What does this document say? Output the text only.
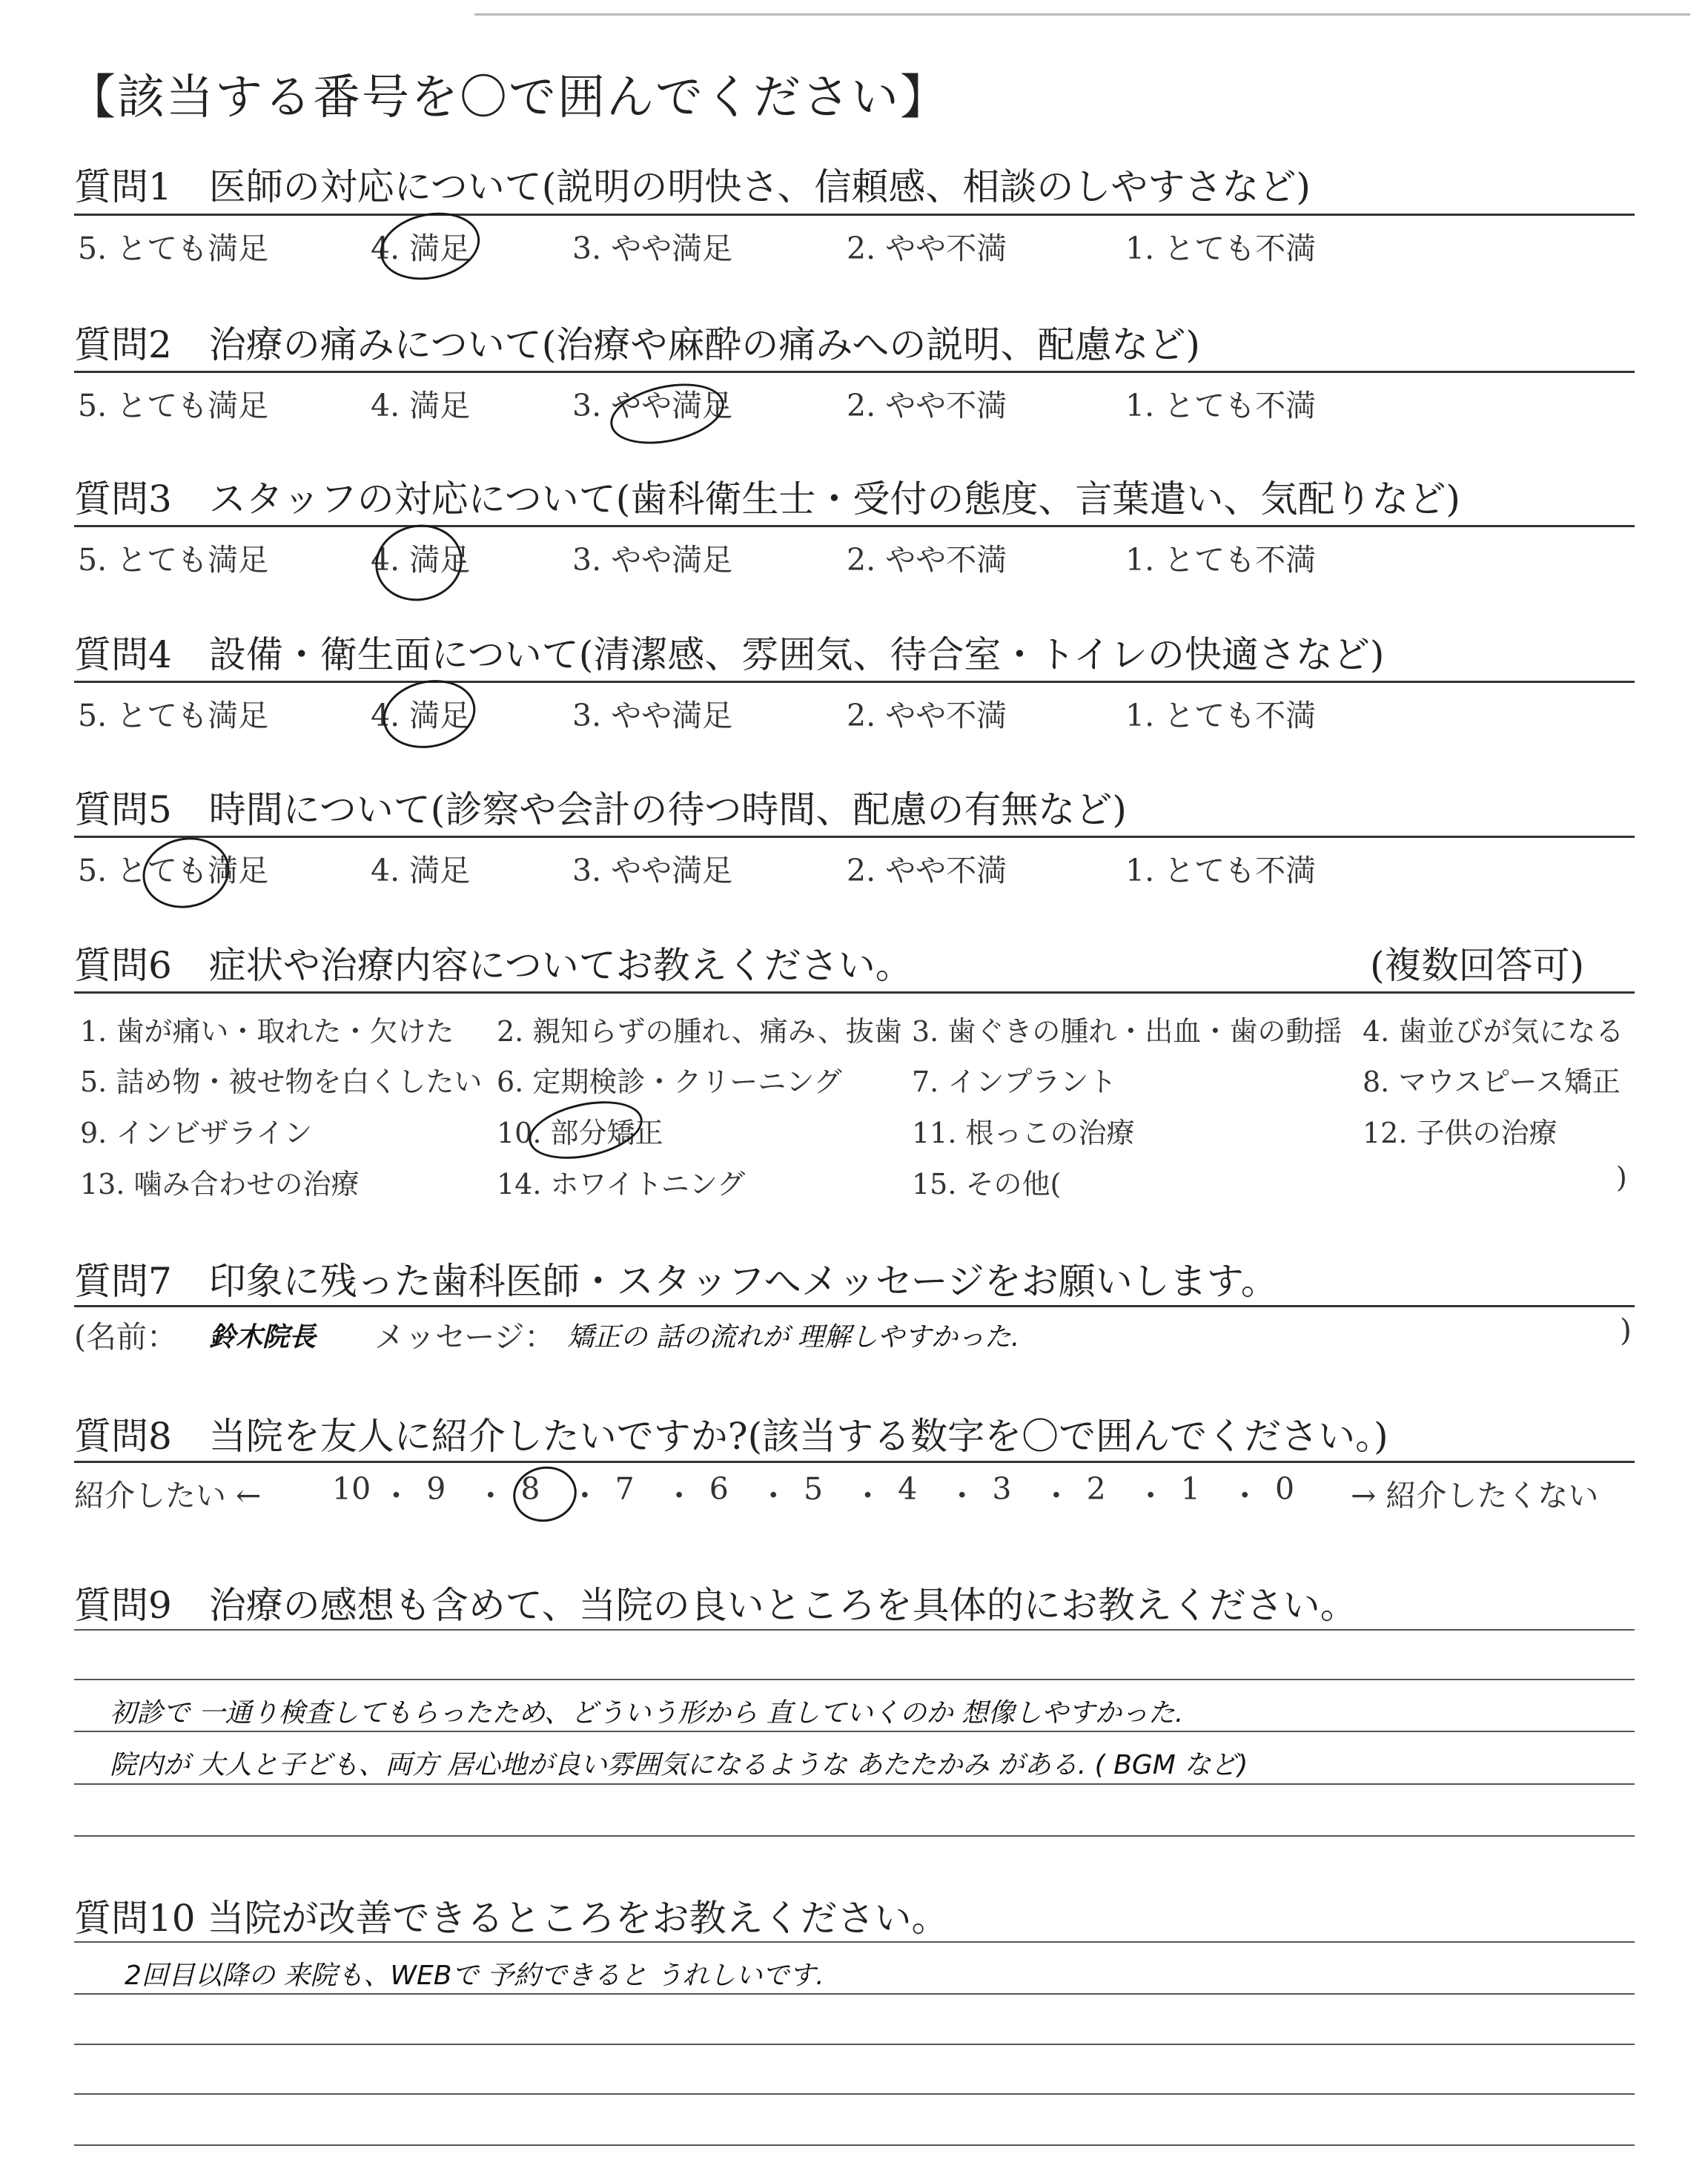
【該当する番号を〇で囲んでください】
質問1　医師の対応について(説明の明快さ、信頼感、相談のしやすさなど)
5. とても満足	4. 満足	3. やや満足	2. やや不満	1. とても不満
質問2　治療の痛みについて(治療や麻酔の痛みへの説明、配慮など)
5. とても満足	4. 満足	3. やや満足	2. やや不満	1. とても不満
質問3　スタッフの対応について(歯科衛生士・受付の態度、言葉遣い、気配りなど)
5. とても満足	4. 満足	3. やや満足	2. やや不満	1. とても不満
質問4　設備・衛生面について(清潔感、雰囲気、待合室・トイレの快適さなど)
5. とても満足	4. 満足	3. やや満足	2. やや不満	1. とても不満
質問5　時間について(診察や会計の待つ時間、配慮の有無など)
5. とても満足	4. 満足	3. やや満足	2. やや不満	1. とても不満
質問6　症状や治療内容についてお教えください。	(複数回答可)
1. 歯が痛い・取れた・欠けた 2. 親知らずの腫れ、痛み、抜歯 3. 歯ぐきの腫れ・出血・歯の動揺 4. 歯並びが気になる
5. 詰め物・被せ物を白くしたい 6. 定期検診・クリーニング 7. インプラント	8. マウスピース矯正
9. インビザライン	10. 部分矯正	11. 根っこの治療	12. 子供の治療
13. 噛み合わせの治療	14. ホワイトニング	15. その他(	)
質問7　印象に残った歯科医師・スタッフへメッセージをお願いします。
(名前： 鈴木院長 メッセージ： 矯正の 話の流れが 理解しやすかった.	)
質問8　当院を友人に紹介したいですか?(該当する数字を〇で囲んでください。)
紹介したい ← 10 ・ 9 ・ 8 ・ 7 ・ 6 ・ 5 ・ 4 ・ 3 ・ 2 ・ 1 ・ 0 → 紹介したくない
質問9　治療の感想も含めて、当院の良いところを具体的にお教えください。
初診で 一通り検査してもらったため、どういう形から 直していくのか 想像しやすかった.
院内が 大人と子ども、両方 居心地が良い雰囲気になるような あたたかみ がある. ( BGM など)
質問10 当院が改善できるところをお教えください。
2回目以降の 来院も、WEBで 予約できると うれしいです.
